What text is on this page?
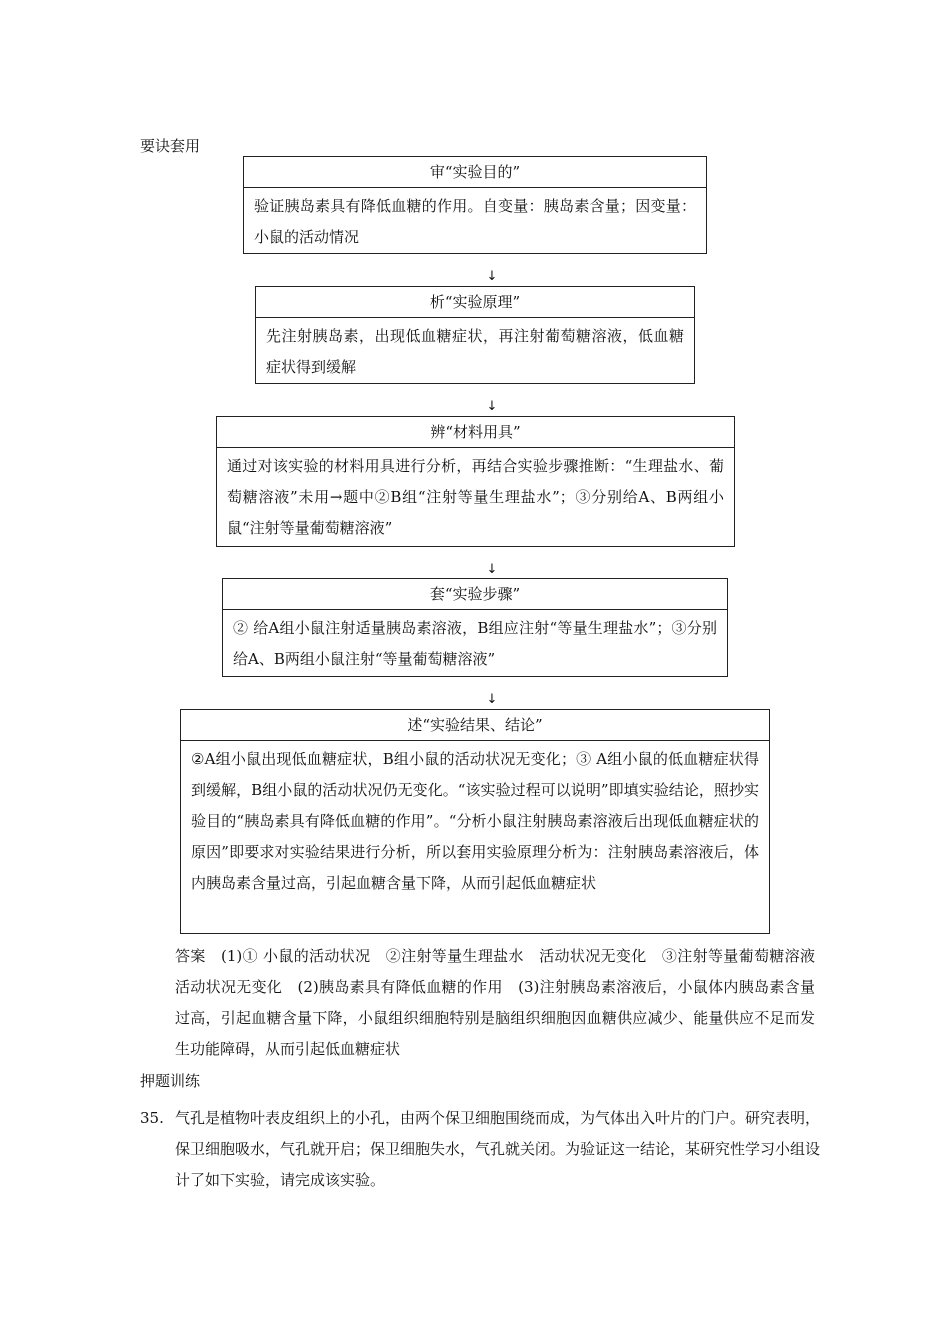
要诀套用
审“实验目的”
验证胰岛素具有降低血糖的作用。自变量：胰岛素含量；因变量：小鼠的活动情况
↓
析“实验原理”
先注射胰岛素，出现低血糖症状，再注射葡萄糖溶液，低血糖症状得到缓解
↓
辨“材料用具”
通过对该实验的材料用具进行分析，再结合实验步骤推断：“生理盐水、葡萄糖溶液”未用→题中②B组“注射等量生理盐水”；③分别给A、B两组小鼠“注射等量葡萄糖溶液”
↓
套“实验步骤”
② 给A组小鼠注射适量胰岛素溶液，B组应注射“等量生理盐水”；③分别给A、B两组小鼠注射“等量葡萄糖溶液”
↓
述“实验结果、结论”
②A组小鼠出现低血糖症状，B组小鼠的活动状况无变化；③ A组小鼠的低血糖症状得到缓解，B组小鼠的活动状况仍无变化。“该实验过程可以说明”即填实验结论，照抄实验目的“胰岛素具有降低血糖的作用”。“分析小鼠注射胰岛素溶液后出现低血糖症状的原因”即要求对实验结果进行分析，所以套用实验原理分析为：注射胰岛素溶液后，体内胰岛素含量过高，引起血糖含量下降，从而引起低血糖症状
答案　(1)① 小鼠的活动状况　②注射等量生理盐水　活动状况无变化　③注射等量葡萄糖溶液　活动状况无变化　(2)胰岛素具有降低血糖的作用　(3)注射胰岛素溶液后，小鼠体内胰岛素含量过高，引起血糖含量下降，小鼠组织细胞特别是脑组织细胞因血糖供应减少、能量供应不足而发生功能障碍，从而引起低血糖症状
押题训练
35. 气孔是植物叶表皮组织上的小孔，由两个保卫细胞围绕而成，为气体出入叶片的门户。研究表明，保卫细胞吸水，气孔就开启；保卫细胞失水，气孔就关闭。为验证这一结论，某研究性学习小组设计了如下实验，请完成该实验。
